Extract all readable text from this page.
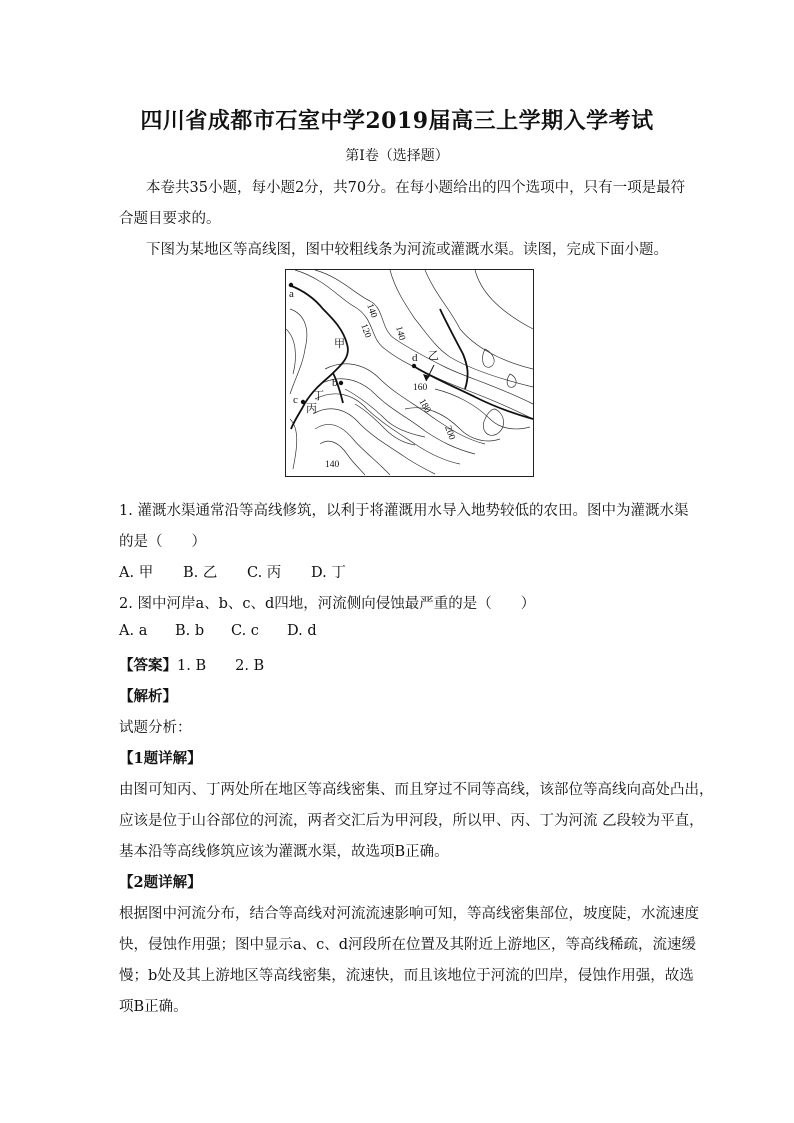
四川省成都市石室中学2019届高三上学期入学考试
第I卷（选择题）
本卷共35小题，每小题2分，共70分。在每小题给出的四个选项中，只有一项是最符
合题目要求的。
下图为某地区等高线图，图中较粗线条为河流或灌溉水渠。读图，完成下面小题。
a
b
c
d
甲
乙
丙
丁
140
120 140
160
180
200
140
1. 灌溉水渠通常沿等高线修筑，以利于将灌溉用水导入地势较低的农田。图中为灌溉水渠
的是（　　）
A. 甲 B. 乙 C. 丙 D. 丁
2. 图中河岸a、b、c、d四地，河流侧向侵蚀最严重的是（　　）
A. a B. b C. c D. d
【答案】1. B　　2. B
【解析】
试题分析：
【1题详解】
由图可知丙、丁两处所在地区等高线密集、而且穿过不同等高线，该部位等高线向高处凸出，
应该是位于山谷部位的河流，两者交汇后为甲河段，所以甲、丙、丁为河流 乙段较为平直，
基本沿等高线修筑应该为灌溉水渠，故选项B正确。
【2题详解】
根据图中河流分布，结合等高线对河流流速影响可知，等高线密集部位，坡度陡，水流速度
快，侵蚀作用强；图中显示a、c、d河段所在位置及其附近上游地区，等高线稀疏，流速缓
慢；b处及其上游地区等高线密集，流速快，而且该地位于河流的凹岸，侵蚀作用强，故选
项B正确。
